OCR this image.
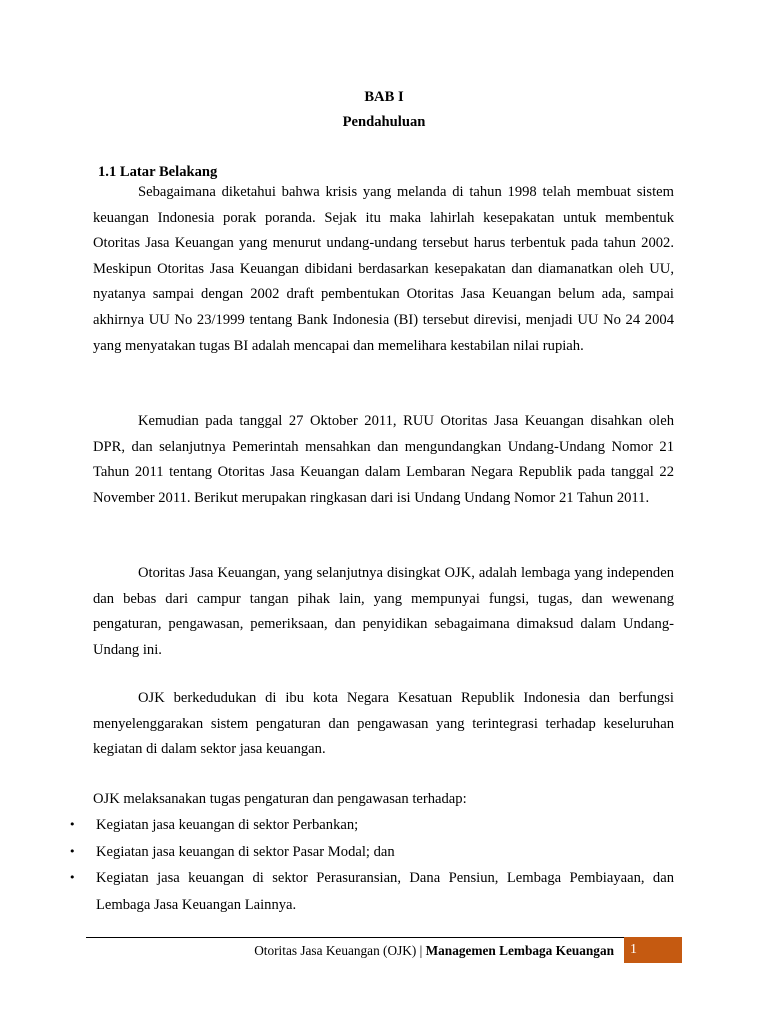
BAB I
Pendahuluan
1.1 Latar Belakang

Sebagaimana diketahui bahwa krisis yang melanda di tahun 1998 telah membuat sistem keuangan Indonesia porak poranda. Sejak itu maka lahirlah kesepakatan untuk membentuk Otoritas Jasa Keuangan yang menurut undang-undang tersebut harus terbentuk pada tahun 2002. Meskipun Otoritas Jasa Keuangan dibidani berdasarkan kesepakatan dan diamanatkan oleh UU, nyatanya sampai dengan 2002 draft pembentukan Otoritas Jasa Keuangan belum ada, sampai akhirnya UU No 23/1999 tentang Bank Indonesia (BI) tersebut direvisi, menjadi UU No 24 2004 yang menyatakan tugas BI adalah mencapai dan memelihara kestabilan nilai rupiah.

Kemudian pada tanggal 27 Oktober 2011, RUU Otoritas Jasa Keuangan disahkan oleh DPR, dan selanjutnya Pemerintah mensahkan dan mengundangkan Undang-Undang Nomor 21 Tahun 2011 tentang Otoritas Jasa Keuangan dalam Lembaran Negara Republik pada tanggal 22 November 2011. Berikut merupakan ringkasan dari isi Undang Undang Nomor 21 Tahun 2011.

Otoritas Jasa Keuangan, yang selanjutnya disingkat OJK, adalah lembaga yang independen dan bebas dari campur tangan pihak lain, yang mempunyai fungsi, tugas, dan wewenang pengaturan, pengawasan, pemeriksaan, dan penyidikan sebagaimana dimaksud dalam Undang-Undang ini.

OJK berkedudukan di ibu kota Negara Kesatuan Republik Indonesia dan berfungsi menyelenggarakan sistem pengaturan dan pengawasan yang terintegrasi terhadap keseluruhan kegiatan di dalam sektor jasa keuangan.

OJK melaksanakan tugas pengaturan dan pengawasan terhadap:

• Kegiatan jasa keuangan di sektor Perbankan;
• Kegiatan jasa keuangan di sektor Pasar Modal; dan
• Kegiatan jasa keuangan di sektor Perasuransian, Dana Pensiun, Lembaga Pembiayaan, dan Lembaga Jasa Keuangan Lainnya.
Otoritas Jasa Keuangan (OJK) | Managemen Lembaga Keuangan	1
